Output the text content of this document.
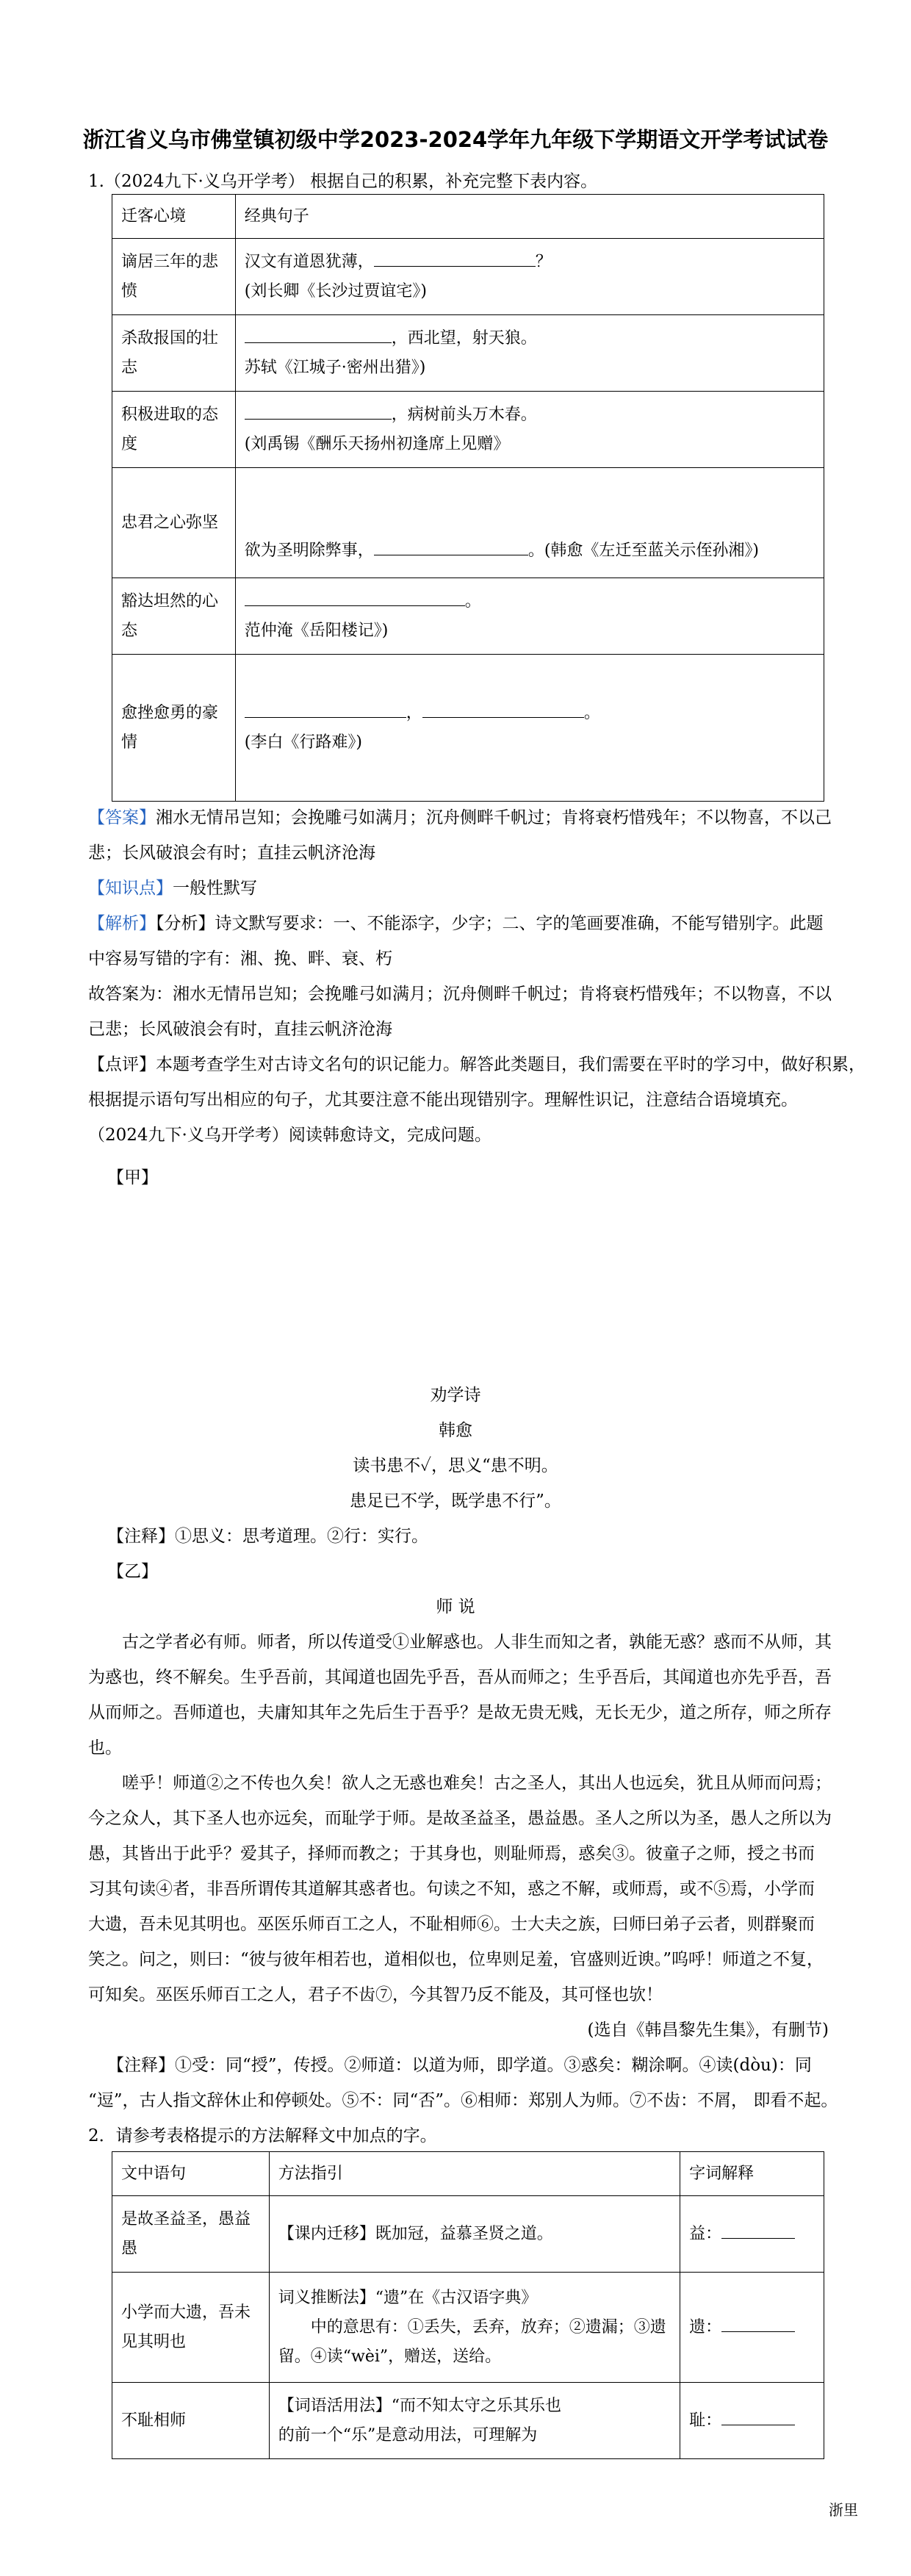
浙江省义乌市佛堂镇初级中学2023-2024学年九年级下学期语文开学考试试卷
1.（2024九下·义乌开学考） 根据自己的积累，补充完整下表内容。
迁客心境	经典句子
谪居三年的悲愤	汉文有道恩犹薄， ？
(刘长卿《长沙过贾谊宅》)

杀敌报国的壮志	，西北望，射天狼。
苏轼《江城子·密州出猎》)

积极进取的态度	，病树前头万木春。
(刘禹锡《酬乐天扬州初逢席上见赠》

忠君之心弥坚	欲为圣明除弊事， 。(韩愈《左迁至蓝关示侄孙湘》)

豁达坦然的心态	。
范仲淹《岳阳楼记》)

愈挫愈勇的豪情	， 。
(李白《行路难》)
【答案】湘水无情吊岂知；会挽雕弓如满月；沉舟侧畔千帆过；肯将衰朽惜残年；不以物喜，不以己
悲；长风破浪会有时；直挂云帆济沧海
【知识点】一般性默写
【解析】【分析】诗文默写要求：一、不能添字，少字；二、字的笔画要准确，不能写错别字。此题
中容易写错的字有：湘、挽、畔、衰、朽
故答案为：湘水无情吊岂知；会挽雕弓如满月；沉舟侧畔千帆过；肯将衰朽惜残年；不以物喜，不以
己悲；长风破浪会有时，直挂云帆济沧海
【点评】本题考查学生对古诗文名句的识记能力。解答此类题目，我们需要在平时的学习中，做好积累，
根据提示语句写出相应的句子，尤其要注意不能出现错别字。理解性识记，注意结合语境填充。
（2024九下·义乌开学考）阅读韩愈诗文，完成问题。
【甲】
劝学诗
韩愈
读书患不✓，思义“患不明。
患足已不学，既学患不行”。
【注释】①思义：思考道理。②行：实行。
【乙】
师 说
古之学者必有师。师者，所以传道受①业解惑也。人非生而知之者，孰能无惑？惑而不从师，其
为惑也，终不解矣。生乎吾前，其闻道也固先乎吾，吾从而师之；生乎吾后，其闻道也亦先乎吾，吾
从而师之。吾师道也，夫庸知其年之先后生于吾乎？是故无贵无贱，无长无少，道之所存，师之所存
也。
嗟乎！师道②之不传也久矣！欲人之无惑也难矣！古之圣人，其出人也远矣，犹且从师而问焉；
今之众人，其下圣人也亦远矣，而耻学于师。是故圣益圣，愚益愚。圣人之所以为圣，愚人之所以为
愚，其皆出于此乎？爱其子，择师而教之；于其身也，则耻师焉，惑矣③。彼童子之师，授之书而
习其句读④者，非吾所谓传其道解其惑者也。句读之不知，惑之不解，或师焉，或不⑤焉，小学而
大遗，吾未见其明也。巫医乐师百工之人，不耻相师⑥。士大夫之族，曰师曰弟子云者，则群聚而
笑之。问之，则曰：“彼与彼年相若也，道相似也，位卑则足羞，官盛则近谀。”呜呼！师道之不复，
可知矣。巫医乐师百工之人，君子不齿⑦，今其智乃反不能及，其可怪也欤！
(选自《韩昌黎先生集》，有删节)
【注释】①受：同“授”，传授。②师道：以道为师，即学道。③惑矣：糊涂啊。④读(dòu)：同
“逗”，古人指文辞休止和停顿处。⑤不：同“否”。⑥相师：郑别人为师。⑦不齿：不屑， 即看不起。
2．请参考表格提示的方法解释文中加点的字。
文中语句	方法指引	字词解释
是故圣益圣，愚益愚	【课内迁移】既加冠，益慕圣贤之道。	益：
小学而大遗，吾未见其明也	词义推断法】“遗”在《古汉语字典》
中的意思有：①丢失，丢弃，放弃；②遗漏；③遗留。④读“wèi”，赠送，送给。	遗：
不耻相师	【词语活用法】“而不知太守之乐其乐也
的前一个“乐”是意动用法，可理解为	耻：
浙里
